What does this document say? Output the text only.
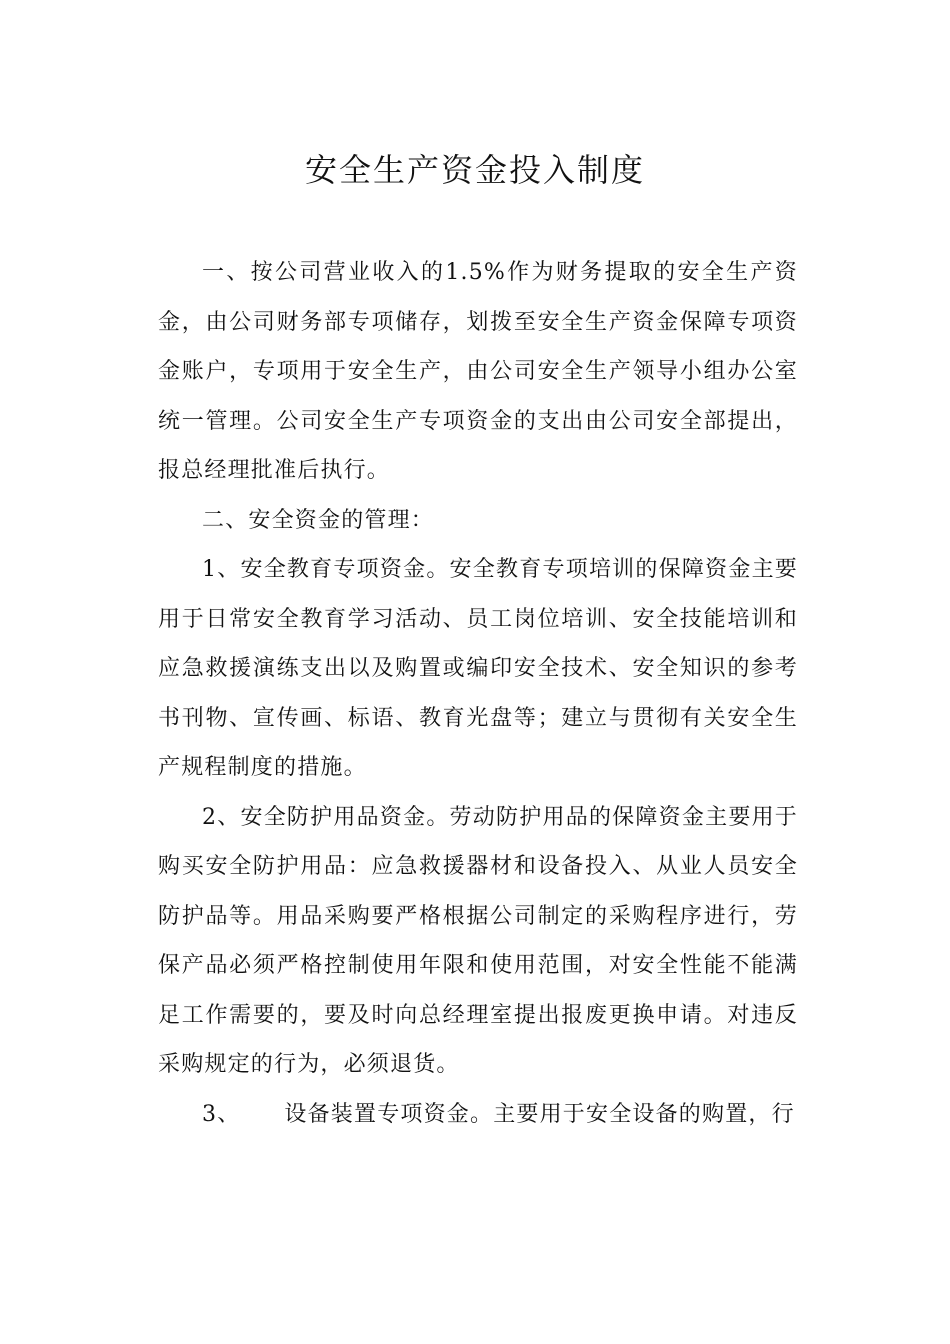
安全生产资金投入制度

一、按公司营业收入的1.5%作为财务提取的安全生产资金，由公司财务部专项储存，划拨至安全生产资金保障专项资金账户，专项用于安全生产，由公司安全生产领导小组办公室统一管理。公司安全生产专项资金的支出由公司安全部提出，报总经理批准后执行。

二、安全资金的管理：

1、安全教育专项资金。安全教育专项培训的保障资金主要用于日常安全教育学习活动、员工岗位培训、安全技能培训和应急救援演练支出以及购置或编印安全技术、安全知识的参考书刊物、宣传画、标语、教育光盘等；建立与贯彻有关安全生产规程制度的措施。

2、安全防护用品资金。劳动防护用品的保障资金主要用于购买安全防护用品：应急救援器材和设备投入、从业人员安全防护品等。用品采购要严格根据公司制定的采购程序进行，劳保产品必须严格控制使用年限和使用范围，对安全性能不能满足工作需要的，要及时向总经理室提出报废更换申请。对违反采购规定的行为，必须退货。

3、 设备装置专项资金。主要用于安全设备的购置，行
